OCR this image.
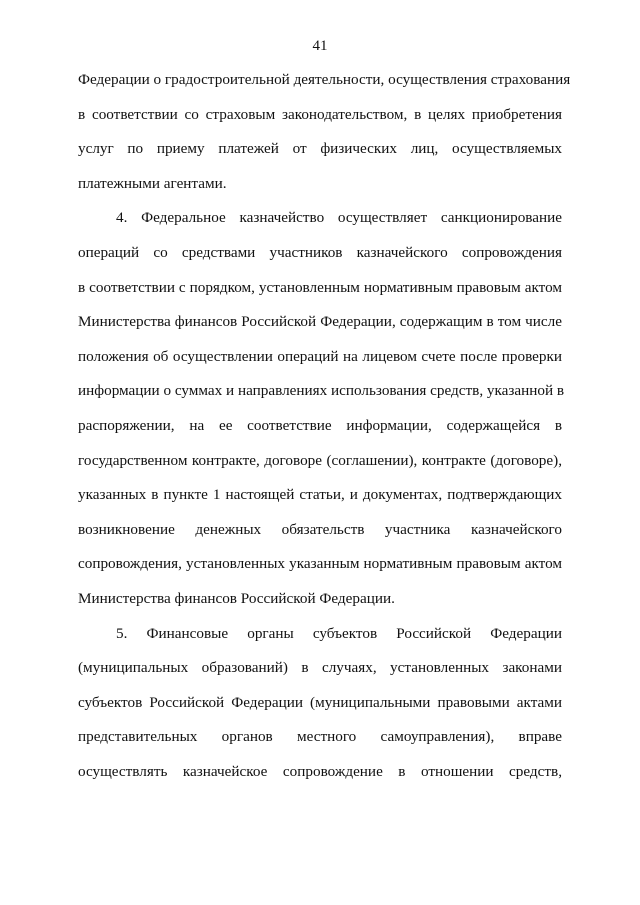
41
Федерации о градостроительной деятельности, осуществления страхования
в соответствии со страховым законодательством, в целях приобретения
услуг по приему платежей от физических лиц, осуществляемых
платежными агентами.
4. Федеральное казначейство осуществляет санкционирование
операций со средствами участников казначейского сопровождения
в соответствии с порядком, установленным нормативным правовым актом
Министерства финансов Российской Федерации, содержащим в том числе
положения об осуществлении операций на лицевом счете после проверки
информации о суммах и направлениях использования средств, указанной в
распоряжении, на ее соответствие информации, содержащейся в
государственном контракте, договоре (соглашении), контракте (договоре),
указанных в пункте 1 настоящей статьи, и документах, подтверждающих
возникновение денежных обязательств участника казначейского
сопровождения, установленных указанным нормативным правовым актом
Министерства финансов Российской Федерации.
5. Финансовые органы субъектов Российской Федерации
(муниципальных образований) в случаях, установленных законами
субъектов Российской Федерации (муниципальными правовыми актами
представительных органов местного самоуправления), вправе
осуществлять казначейское сопровождение в отношении средств,
